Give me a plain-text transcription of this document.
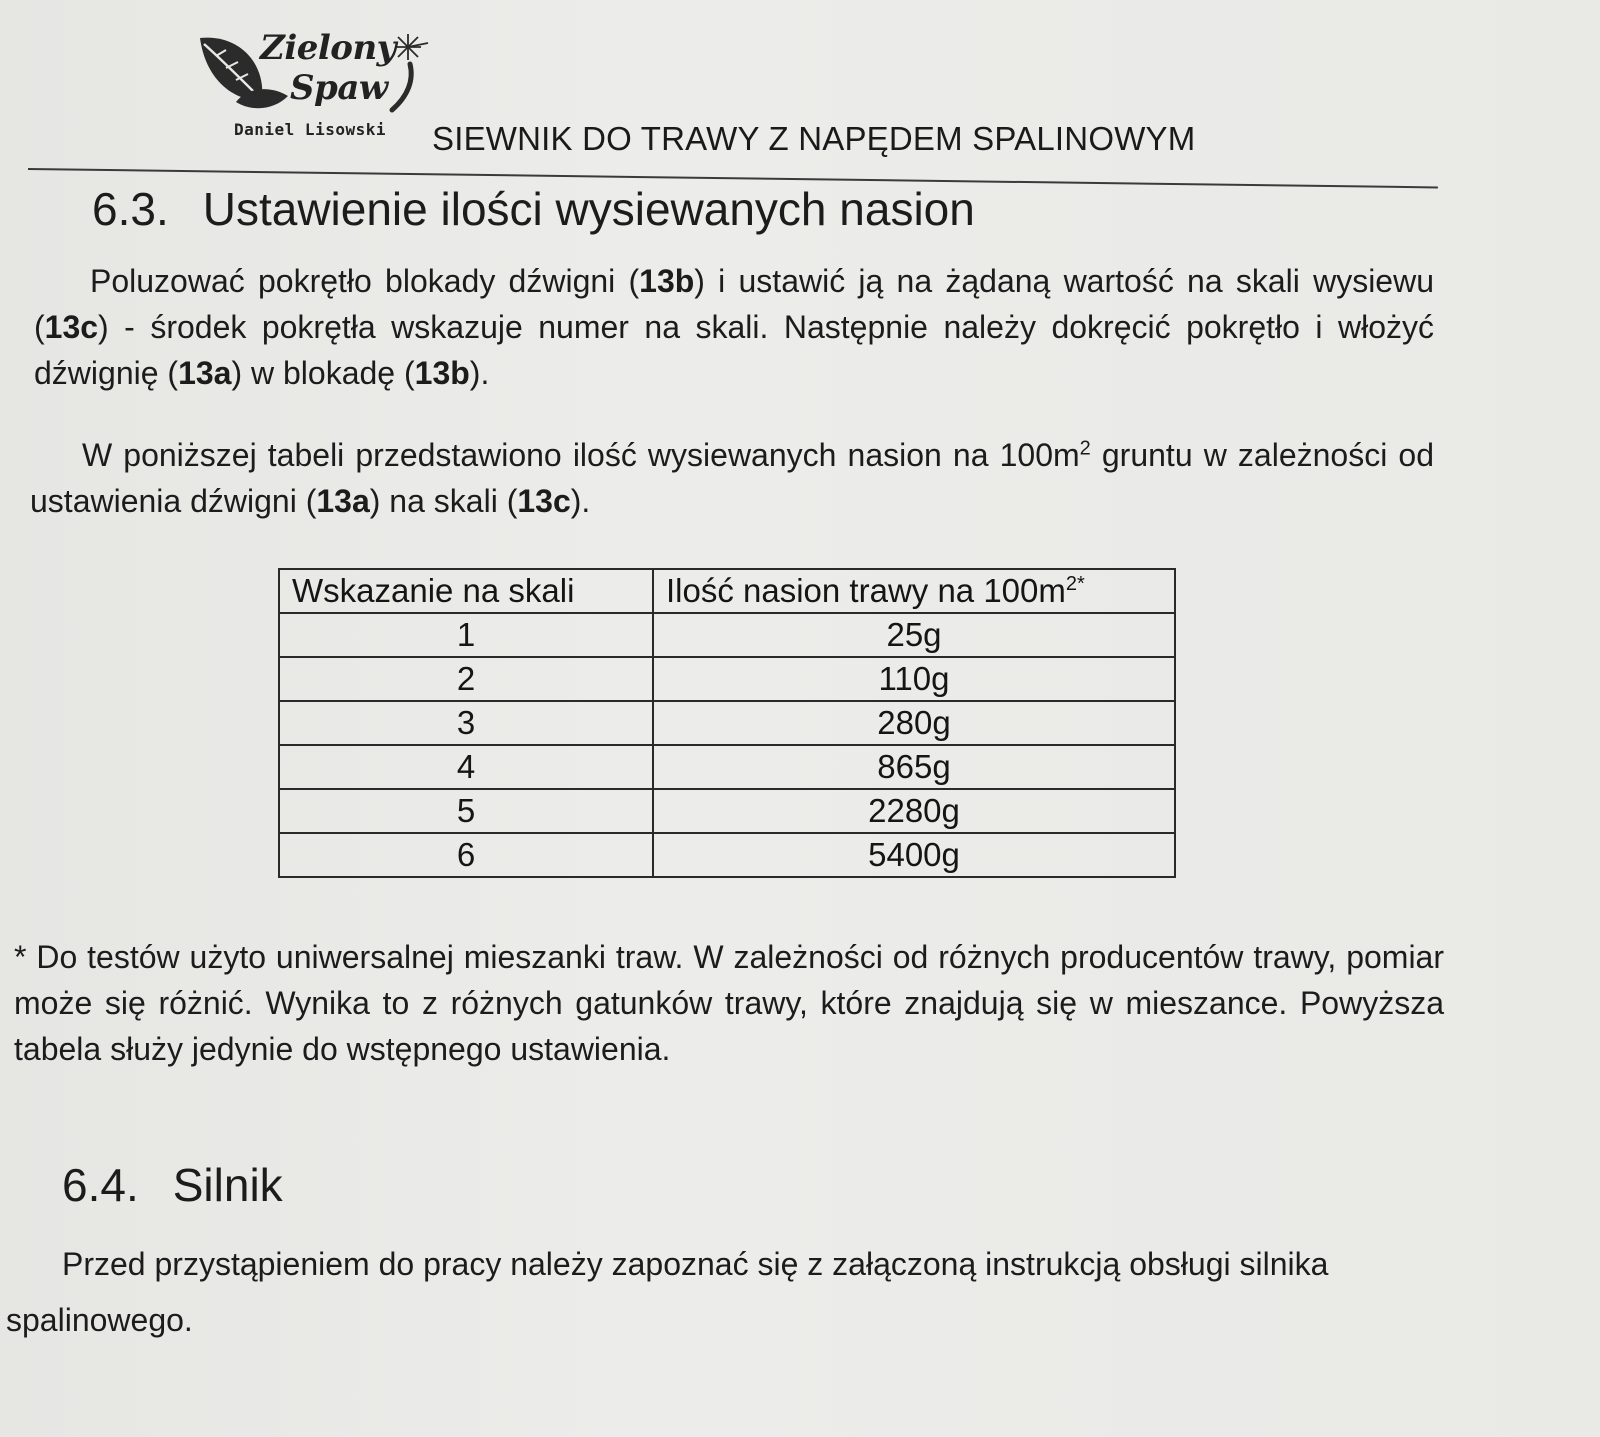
Zielony
Spaw
Daniel Lisowski SIEWNIK DO TRAWY Z NAPĘDEM SPALINOWYM
6.3. Ustawienie ilości wysiewanych nasion
Poluzować pokrętło blokady dźwigni (13b) i ustawić ją na żądaną wartość na skali wysiewu (13c) - środek pokrętła wskazuje numer na skali. Następnie należy dokręcić pokrętło i włożyć dźwignię (13a) w blokadę (13b).
W poniższej tabeli przedstawiono ilość wysiewanych nasion na $100m^2$ gruntu w zależności od ustawienia dźwigni (13a) na skali (13c).
Wskazanie na skali	Ilość nasion trawy na $100m^{2*}$
1	25g
2	110g
3	280g
4	865g
5	2280g
6	5400g
* Do testów użyto uniwersalnej mieszanki traw. W zależności od różnych producentów trawy, pomiar może się różnić. Wynika to z różnych gatunków trawy, które znajdują się w mieszance. Powyższa tabela służy jedynie do wstępnego ustawienia.
6.4. Silnik
Przed przystąpieniem do pracy należy zapoznać się z załączoną instrukcją obsługi silnika spalinowego.
